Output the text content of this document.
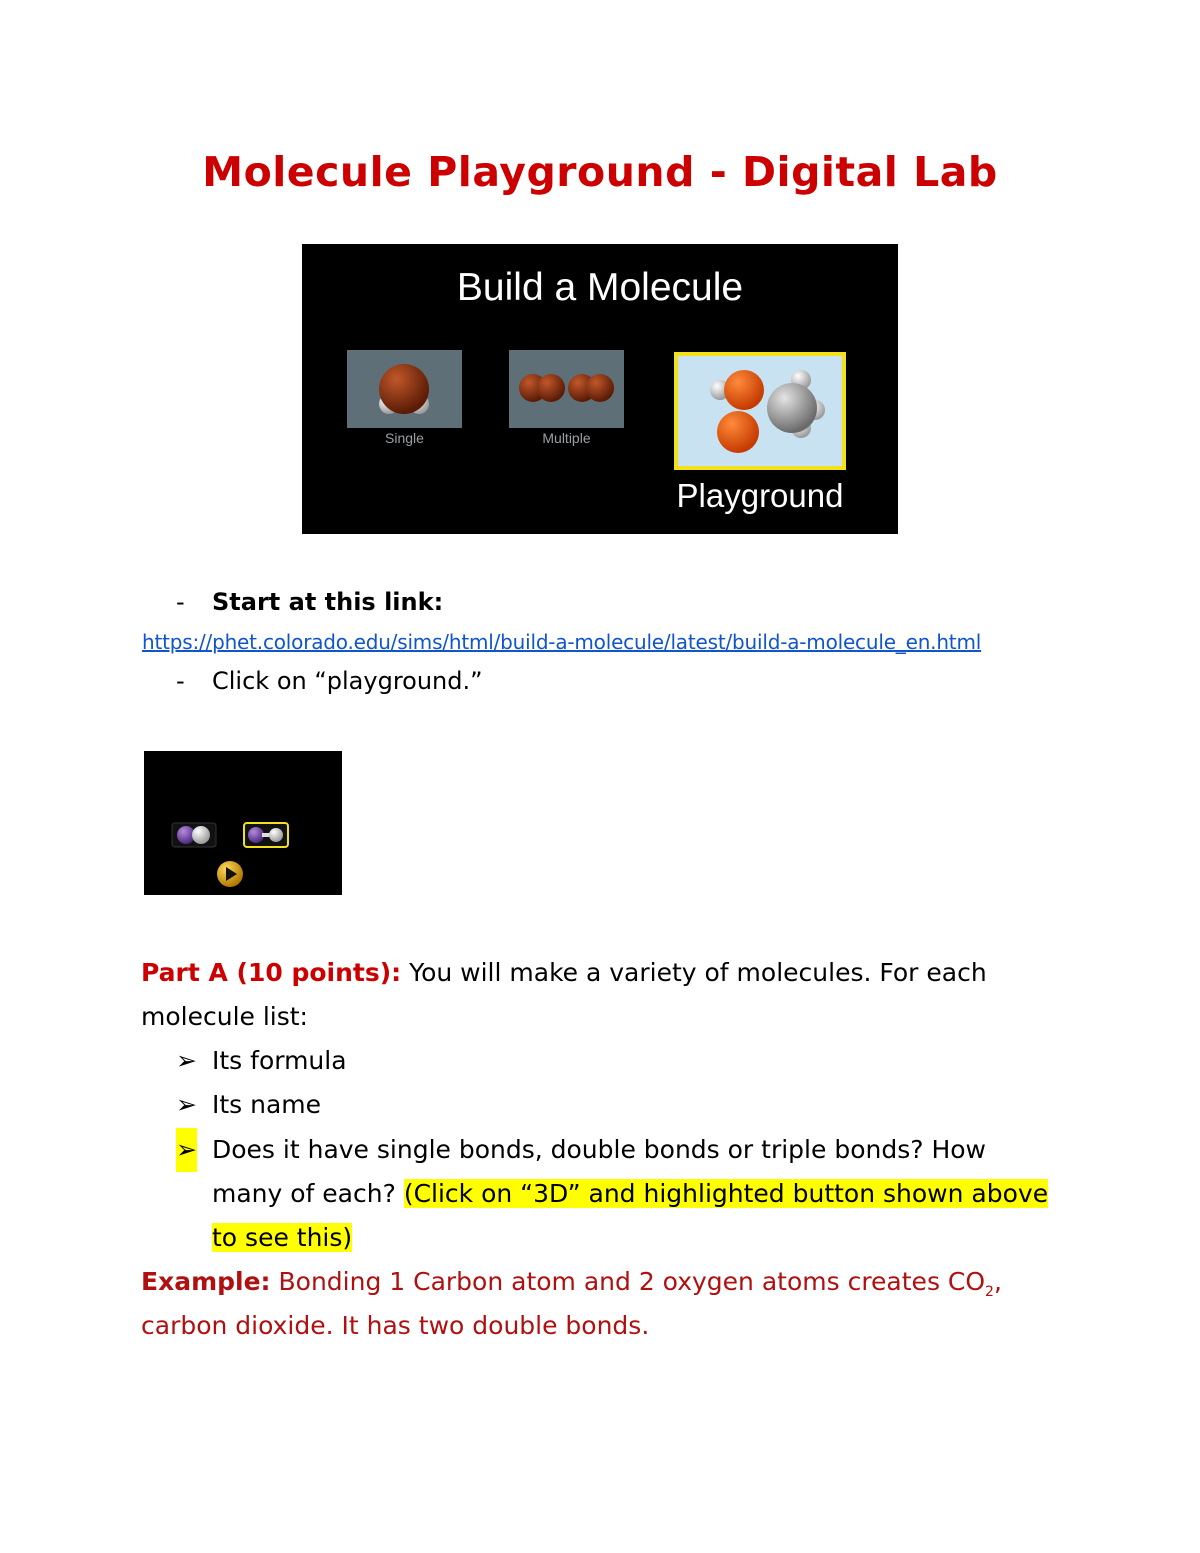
Molecule Playground - Digital Lab
Build a Molecule
Single	Multiple
Playground
- Start at this link:
https://phet.colorado.edu/sims/html/build-a-molecule/latest/build-a-molecule_en.html
- Click on “playground.”
Part A (10 points): You will make a variety of molecules. For each
molecule list:
➢ Its formula
➢ Its name
➢ Does it have single bonds, double bonds or triple bonds? How
many of each? (Click on “3D” and highlighted button shown above
to see this)
Example: Bonding 1 Carbon atom and 2 oxygen atoms creates $CO_2$,
carbon dioxide. It has two double bonds.
